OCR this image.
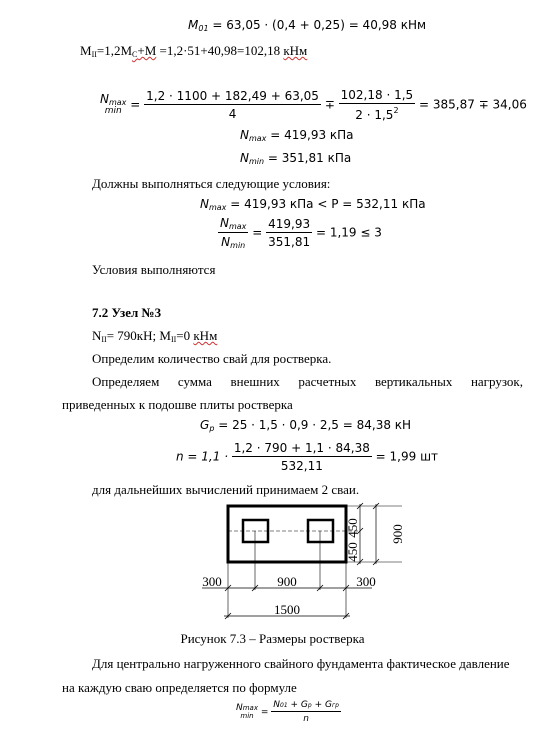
$M_{01} = 63,05 \cdot (0,4 + 0,25) = 40,98$ кНм
$M_{II}=1,2M_C+M =1,2\cdot 51+40,98=102,18$ кНм
$N_{max}$
$\min = \frac{1,2 \cdot 1100 + 182,49 + 63,05}{4} \mp \frac{102,18 \cdot 1,5}{2 \cdot 1,5^2} = 385,87 \mp 34,06$
$N_{max} = 419,93$ кПа
$N_{min} = 351,81$ кПа
Должны выполняться следующие условия:
$N_{max} = 419,93$ кПа < P = 532,11 кПа
$\frac{N_{max}}{N_{min}} = \frac{419,93}{351,81} = 1,19 \le 3$
Условия выполняются
7.2 Узел №3
$N_{II}= 790кН$; $M_{II}=0$ кНм
Определим количество свай для ростверка.
Определяем сумма внешних расчетных вертикальных нагрузок,
приведенных к подошве плиты ростверка
$G_p = 25 \cdot 1,5 \cdot 0,9 \cdot 2,5 = 84,38$ кН
$n = 1,1 \cdot \frac{1,2 \cdot 790 + 1,1 \cdot 84,38}{532,11} = 1,99$ шт
для дальнейших вычислений принимаем 2 сваи.
450
450
900
300	900	300
1500
Рисунок 7.3 – Размеры ростверка
Для центрально нагруженного свайного фундамента фактическое давление
на каждую сваю определяется по формуле
Nmax
$\min = \frac{\text{N01 + Gp + Gгр}}{n}$
